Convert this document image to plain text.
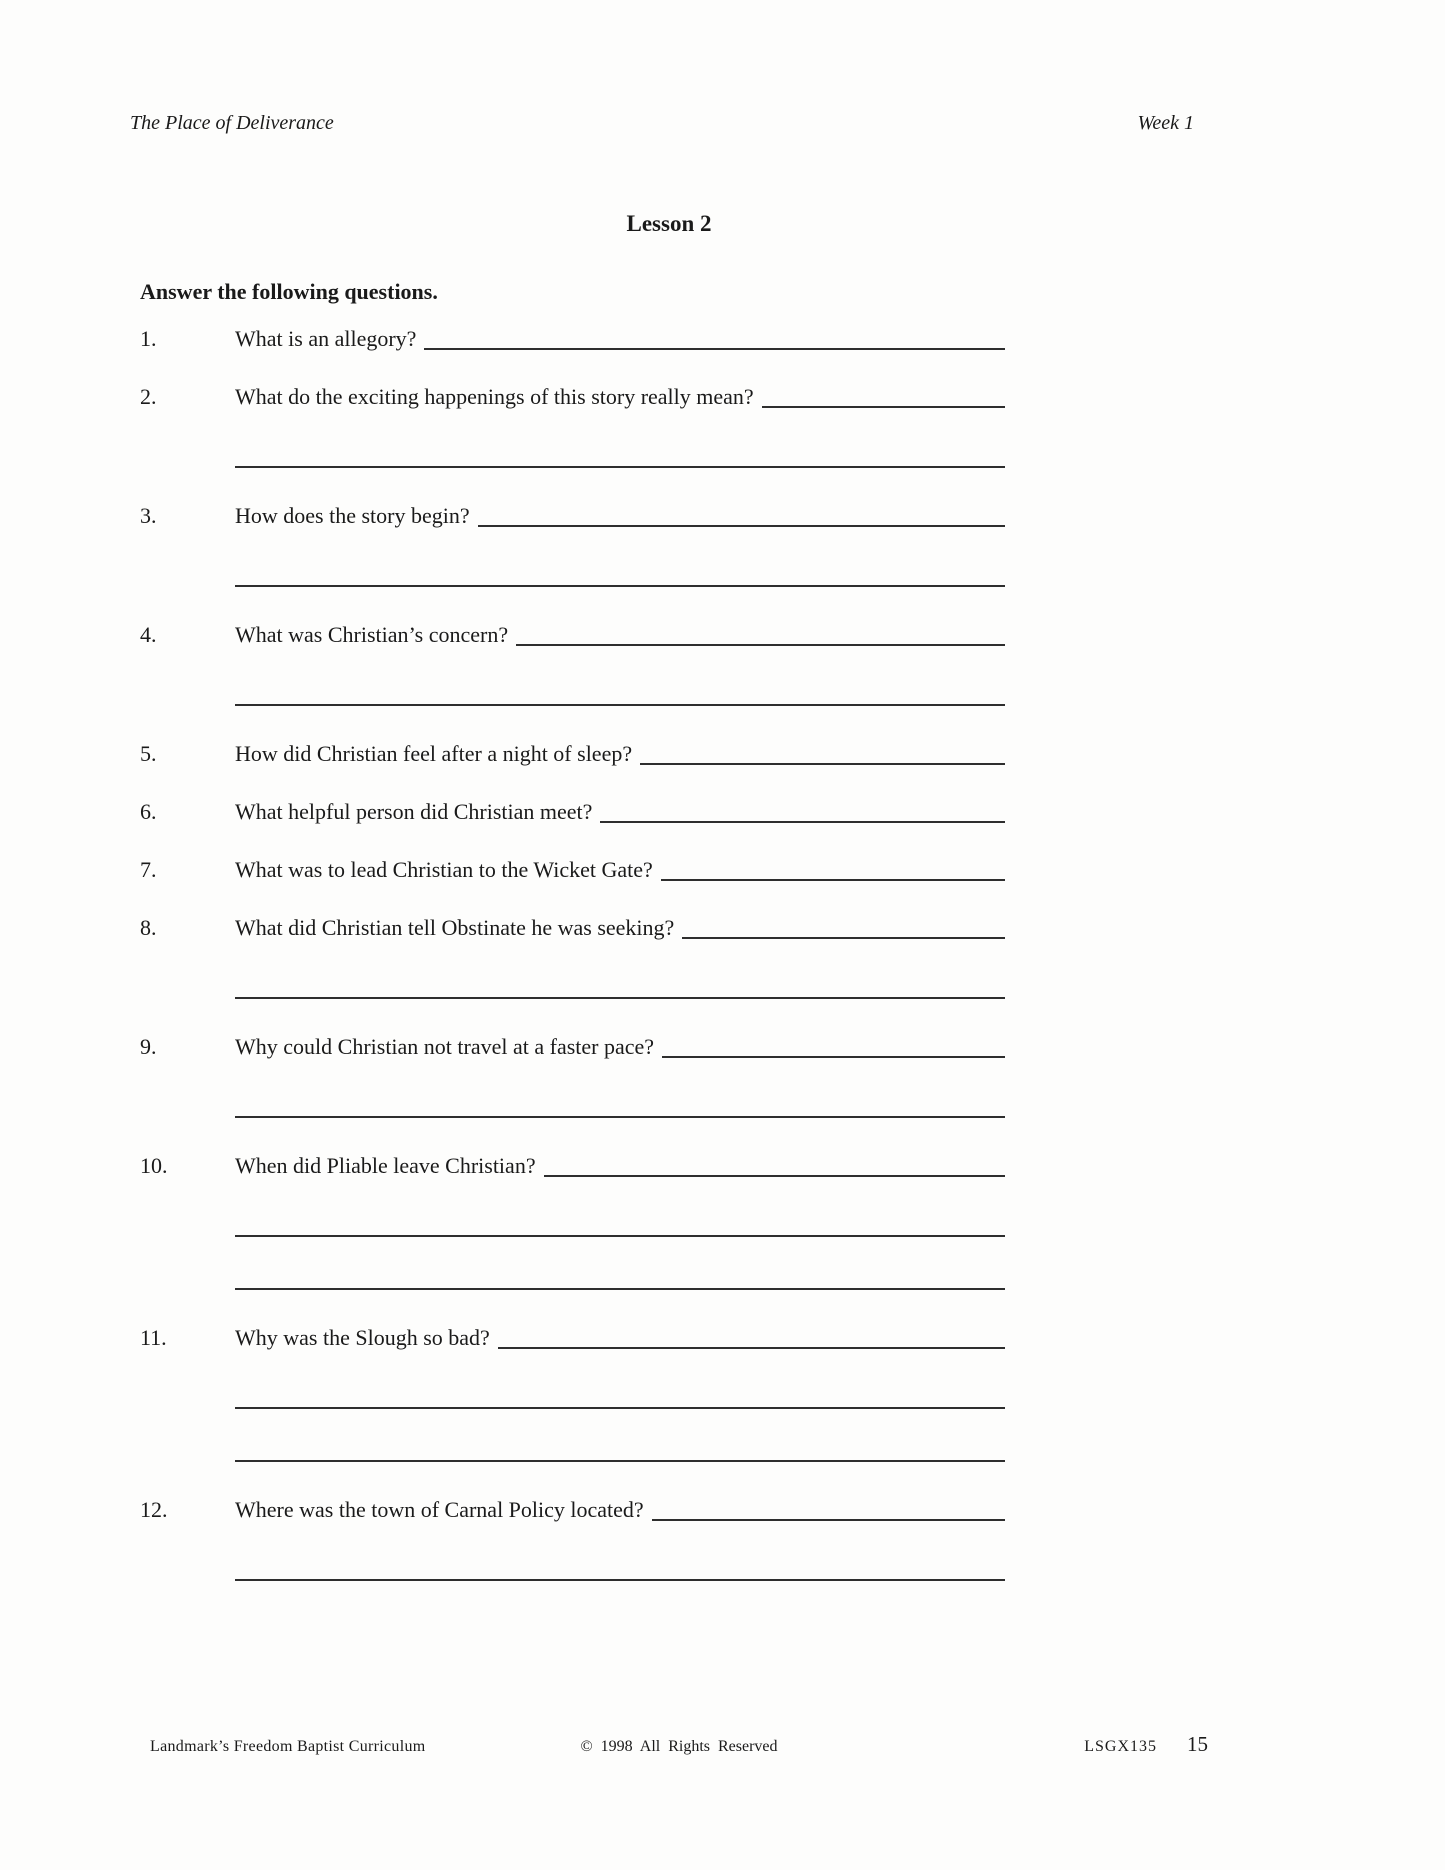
The Place of Deliverance	Week 1
Lesson 2
Answer the following questions.
1.	What is an allegory?
2.	What do the exciting happenings of this story really mean?
3.	How does the story begin?
4.	What was Christian’s concern?
5.	How did Christian feel after a night of sleep?
6.	What helpful person did Christian meet?
7.	What was to lead Christian to the Wicket Gate?
8.	What did Christian tell Obstinate he was seeking?
9.	Why could Christian not travel at a faster pace?
10.	When did Pliable leave Christian?
11.	Why was the Slough so bad?
12.	Where was the town of Carnal Policy located?
Landmark’s Freedom Baptist Curriculum	© 1998 All Rights Reserved	LSGX135 15
